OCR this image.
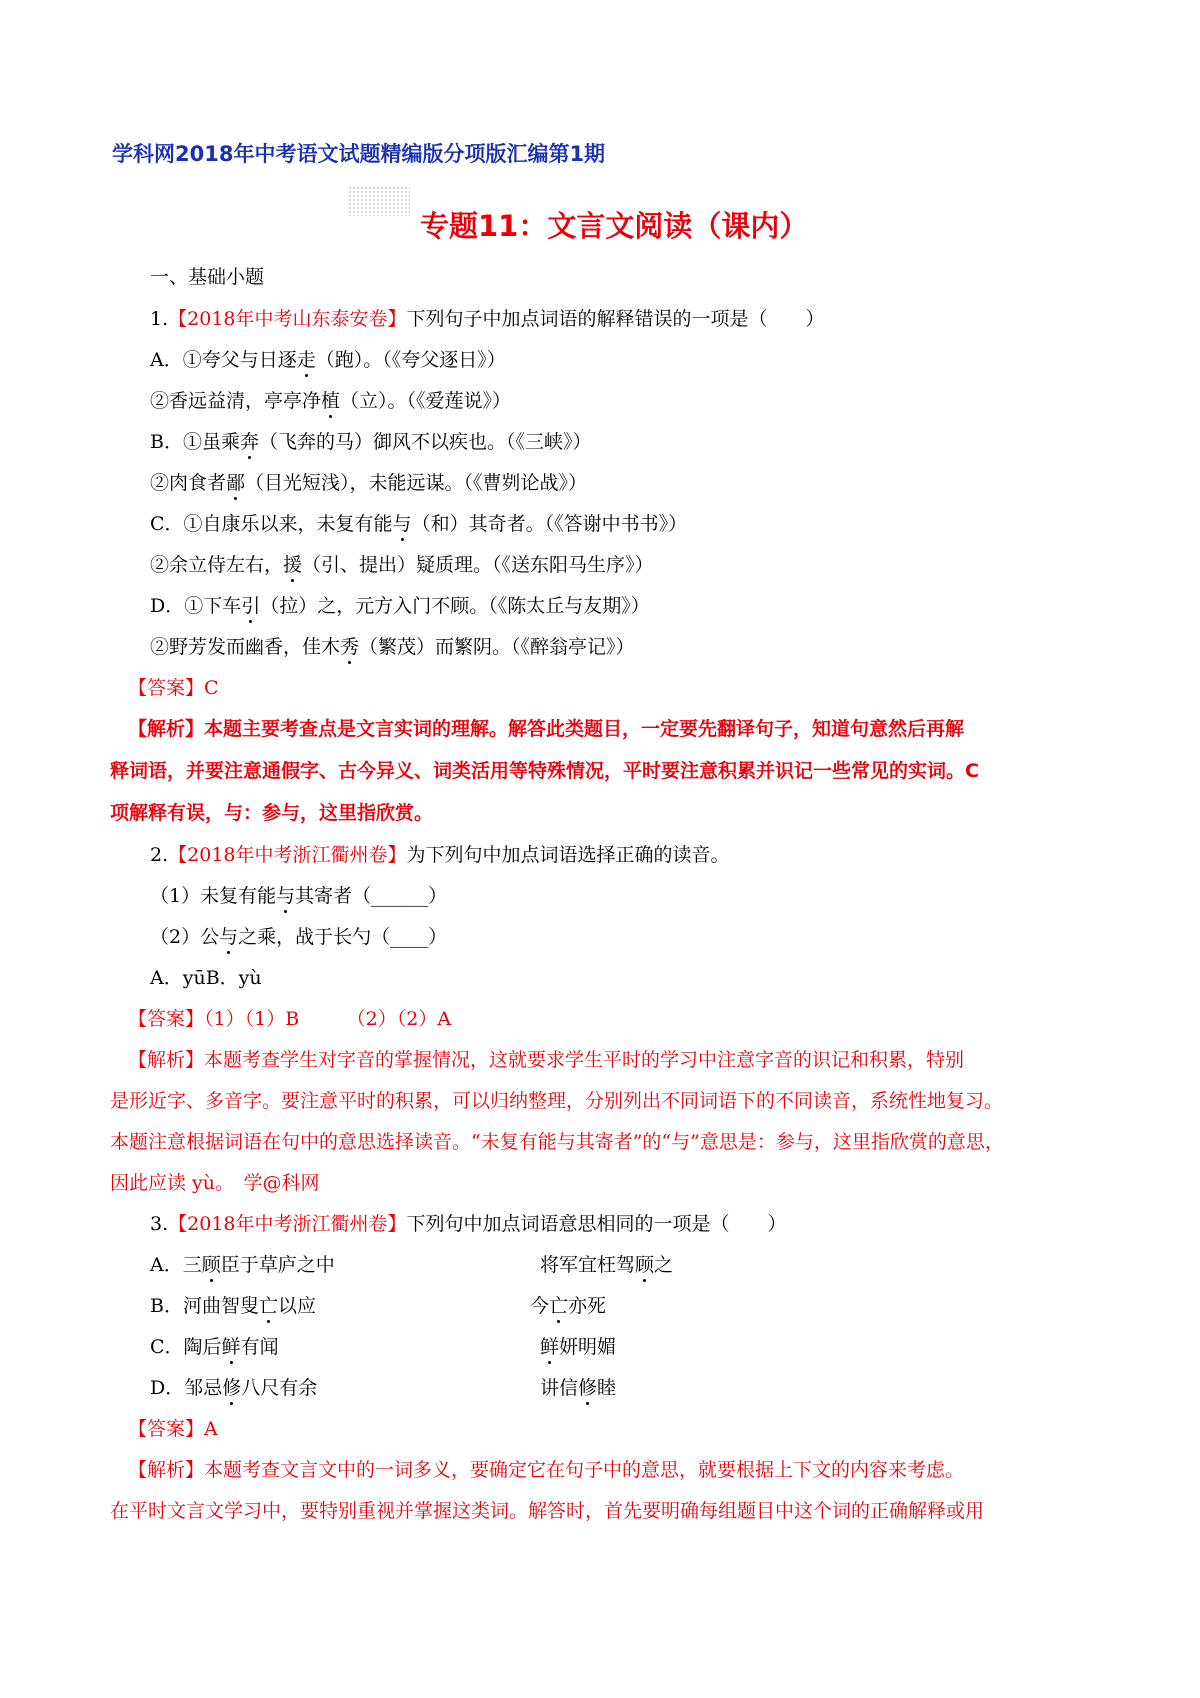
学科网2018年中考语文试题精编版分项版汇编第1期
专题11：文言文阅读（课内）
一、基础小题
1.【2018年中考山东泰安卷】下列句子中加点词语的解释错误的一项是（　　）
A．①夸父与日逐走（跑）。（《夸父逐日》）
②香远益清，亭亭净植（立）。（《爱莲说》）
B．①虽乘奔（飞奔的马）御风不以疾也。（《三峡》）
②肉食者鄙（目光短浅），未能远谋。（《曹刿论战》）
C．①自康乐以来，未复有能与（和）其奇者。（《答谢中书书》）
②余立侍左右，援（引、提出）疑质理。（《送东阳马生序》）
D．①下车引（拉）之，元方入门不顾。（《陈太丘与友期》）
②野芳发而幽香，佳木秀（繁茂）而繁阴。（《醉翁亭记》）
【答案】C
【解析】本题主要考查点是文言实词的理解。解答此类题目，一定要先翻译句子，知道句意然后再解
释词语，并要注意通假字、古今异义、词类活用等特殊情况，平时要注意积累并识记一些常见的实词。C
项解释有误，与：参与，这里指欣赏。
2.【2018年中考浙江衢州卷】为下列句中加点词语选择正确的读音。
（1）未复有能与其寄者（______）
（2）公与之乘，战于长勺（____）
A．yūB．yù
【答案】（1）（1）B　　　（2）（2）A
【解析】本题考查学生对字音的掌握情况，这就要求学生平时的学习中注意字音的识记和积累，特别
是形近字、多音字。要注意平时的积累，可以归纳整理，分别列出不同词语下的不同读音，系统性地复习。
本题注意根据词语在句中的意思选择读音。“未复有能与其寄者”的“与”意思是：参与，这里指欣赏的意思，
因此应读 yù。　学@科网
3.【2018年中考浙江衢州卷】下列句中加点词语意思相同的一项是（　　）
A．三顾臣于草庐之中	将军宜枉驾顾之
B．河曲智叟亡以应	今亡亦死
C．陶后鲜有闻	鲜妍明媚
D．邹忌修八尺有余	讲信修睦
【答案】A
【解析】本题考查文言文中的一词多义，要确定它在句子中的意思，就要根据上下文的内容来考虑。
在平时文言文学习中，要特别重视并掌握这类词。解答时，首先要明确每组题目中这个词的正确解释或用
